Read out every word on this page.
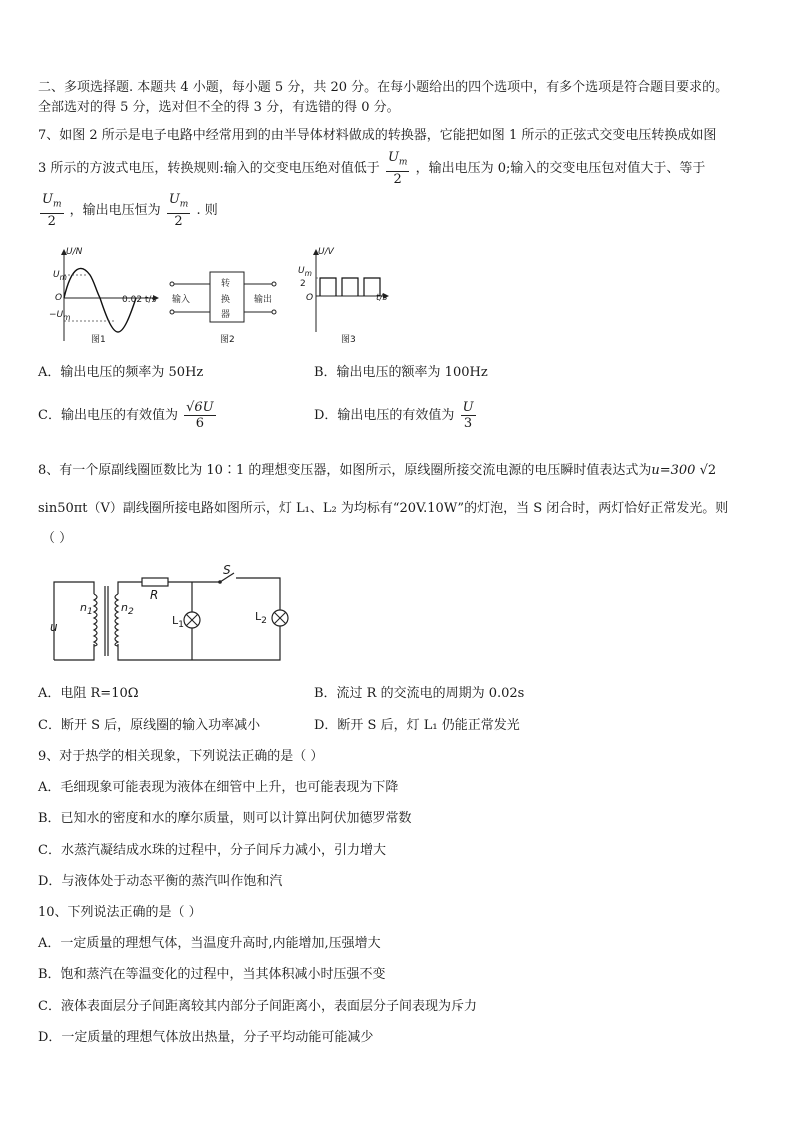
二、多项选择题. 本题共 4 小题，每小题 5 分，共 20 分。在每小题给出的四个选项中，有多个选项是符合题目要求的。
全部选对的得 5 分，选对但不全的得 3 分，有选错的得 0 分。
7、如图 2 所示是电子电路中经常用到的由半导体材料做成的转换器，它能把如图 1 所示的正弦式交变电压转换成如图
3 所示的方波式电压，转换规则:输入的交变电压绝对值低于 $\frac{U_m}{2}$ ，输出电压为 0;输入的交变电压包对值大于、等于
$\frac{U_m}{2}$ ，输出电压恒为 $\frac{U_m}{2}$ . 则
U/N
$U_m$
O	0.02 t/s
$-U_m$
图1
输入	输出
转
换
器
图2
U/V
$U_m$
2
O	t/s
图3
A．输出电压的频率为 50Hz	B．输出电压的额率为 100Hz
C．输出电压的有效值为 $\frac{√6U}{6}$	D．输出电压的有效值为 $\frac{U}{3}$
8、有一个原副线圈匝数比为 10∶1 的理想变压器，如图所示，原线圈所接交流电源的电压瞬时值表达式为u=300 √2
sin50πt（V）副线圈所接电路如图所示，灯 L₁、L₂ 为均标有“20V.10W”的灯泡，当 S 闭合时，两灯恰好正常发光。则
（ ）
$n_1$	$n_2$
u
R
S
$L_1$
$L_2$
A．电阻 R=10Ω	B．流过 R 的交流电的周期为 0.02s
C．断开 S 后，原线圈的输入功率减小	D．断开 S 后，灯 L₁ 仍能正常发光
9、对于热学的相关现象，下列说法正确的是（ ）
A．毛细现象可能表现为液体在细管中上升，也可能表现为下降
B．已知水的密度和水的摩尔质量，则可以计算出阿伏加德罗常数
C．水蒸汽凝结成水珠的过程中，分子间斥力减小，引力增大
D．与液体处于动态平衡的蒸汽叫作饱和汽
10、下列说法正确的是（ ）
A．一定质量的理想气体，当温度升高时,内能增加,压强增大
B．饱和蒸汽在等温变化的过程中，当其体积减小时压强不变
C．液体表面层分子间距离较其内部分子间距离小，表面层分子间表现为斥力
D．一定质量的理想气体放出热量，分子平均动能可能减少
